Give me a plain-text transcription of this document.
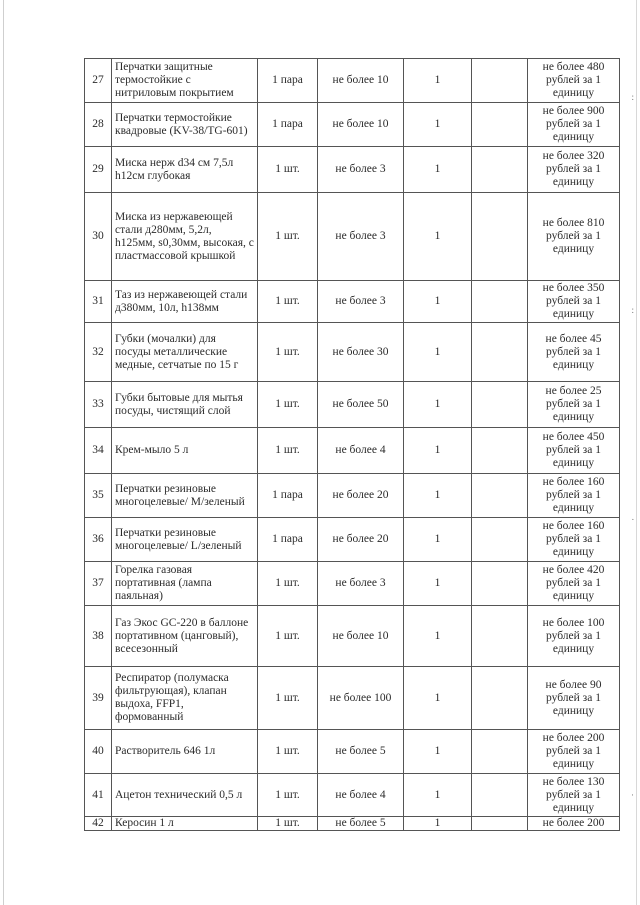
:
:
.
·
27	Перчатки защитные термостойкие с нитриловым покрытием	1 пара	не более 10	1		не более 480 рублей за 1 единицу
28	Перчатки термостойкие квадровые (KV-38/TG-601)	1 пара	не более 10	1		не более 900 рублей за 1 единицу
29	Миска нерж d34 см 7,5л h12см глубокая	1 шт.	не более 3	1		не более 320 рублей за 1 единицу
30	Миска из нержавеющей стали д280мм, 5,2л, h125мм, s0,30мм, высокая, с пластмассовой крышкой	1 шт.	не более 3	1		не более 810 рублей за 1 единицу
31	Таз из нержавеющей стали д380мм, 10л, h138мм	1 шт.	не более 3	1		не более 350 рублей за 1 единицу
32	Губки (мочалки) для посуды металлические медные, сетчатые по 15 г	1 шт.	не более 30	1		не более 45 рублей за 1 единицу
33	Губки бытовые для мытья посуды, чистящий слой	1 шт.	не более 50	1		не более 25 рублей за 1 единицу
34	Крем-мыло 5 л	1 шт.	не более 4	1		не более 450 рублей за 1 единицу
35	Перчатки резиновые многоцелевые/ M/зеленый	1 пара	не более 20	1		не более 160 рублей за 1 единицу
36	Перчатки резиновые многоцелевые/ L/зеленый	1 пара	не более 20	1		не более 160 рублей за 1 единицу
37	Горелка газовая портативная (лампа паяльная)	1 шт.	не более 3	1		не более 420 рублей за 1 единицу
38	Газ Экос GC-220 в баллоне портативном (цанговый), всесезонный	1 шт.	не более 10	1		не более 100 рублей за 1 единицу
39	Респиратор (полумаска фильтрующая), клапан выдоха, FFP1, формованный	1 шт.	не более 100	1		не более 90 рублей за 1 единицу
40	Растворитель 646 1л	1 шт.	не более 5	1		не более 200 рублей за 1 единицу
41	Ацетон технический 0,5 л	1 шт.	не более 4	1		не более 130 рублей за 1 единицу
42	Керосин 1 л	1 шт.	не более 5	1		не более 200
